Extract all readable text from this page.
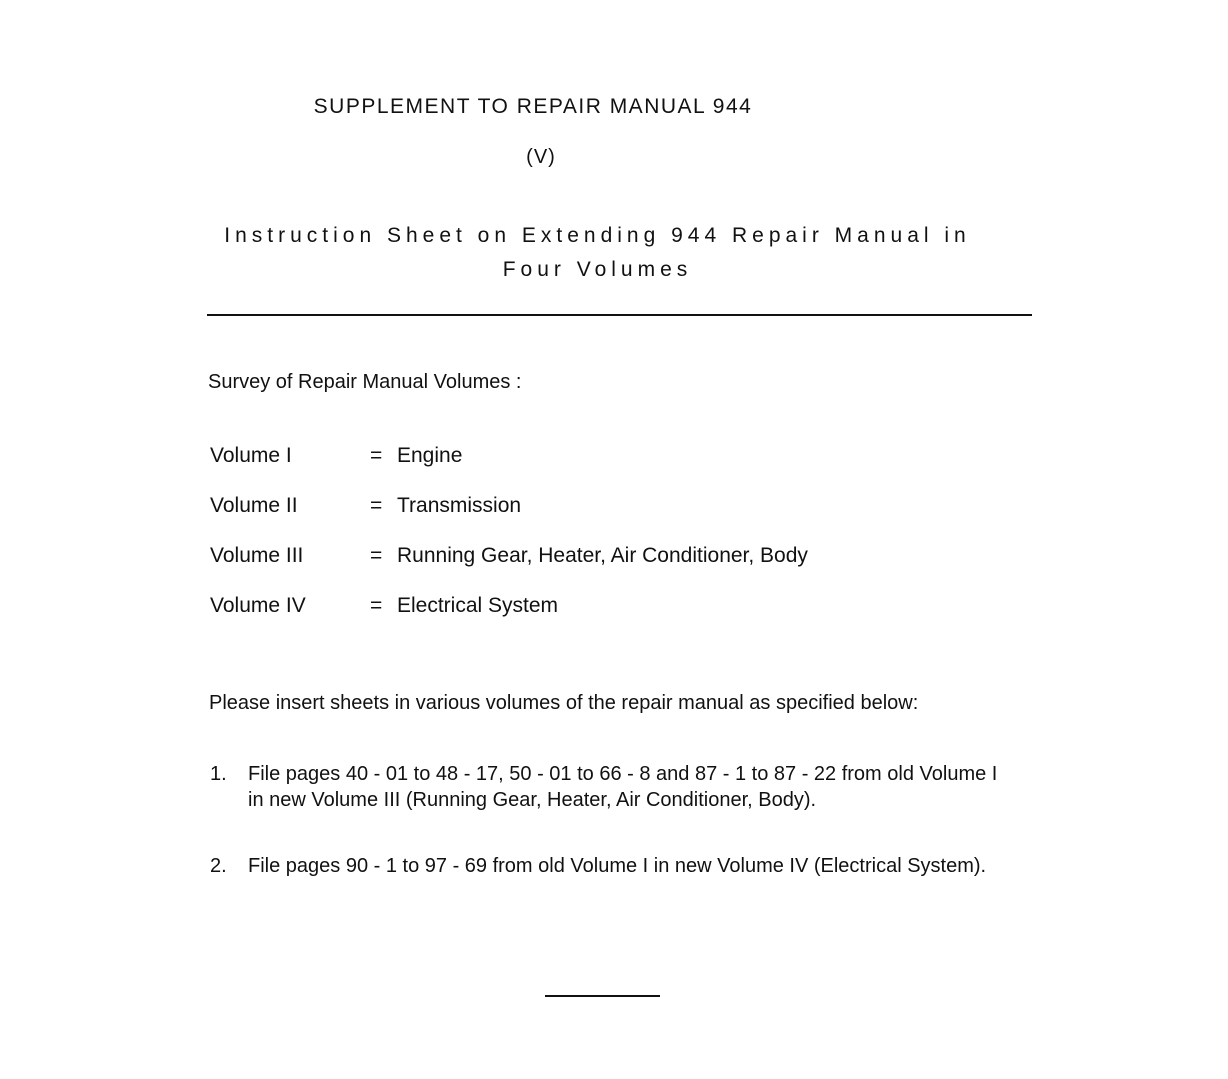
SUPPLEMENT TO REPAIR MANUAL 944
(V)
Instruction Sheet on Extending 944 Repair Manual in
Four Volumes
Survey of Repair Manual Volumes :
Volume I	= Engine
Volume II	= Transmission
Volume III	= Running Gear, Heater, Air Conditioner, Body
Volume IV	= Electrical System
Please insert sheets in various volumes of the repair manual as specified below:
1. File pages 40 - 01 to 48 - 17, 50 - 01 to 66 - 8 and 87 - 1 to 87 - 22 from old Volume I in new Volume III (Running Gear, Heater, Air Conditioner, Body).
2. File pages 90 - 1 to 97 - 69 from old Volume I in new Volume IV (Electrical System).
